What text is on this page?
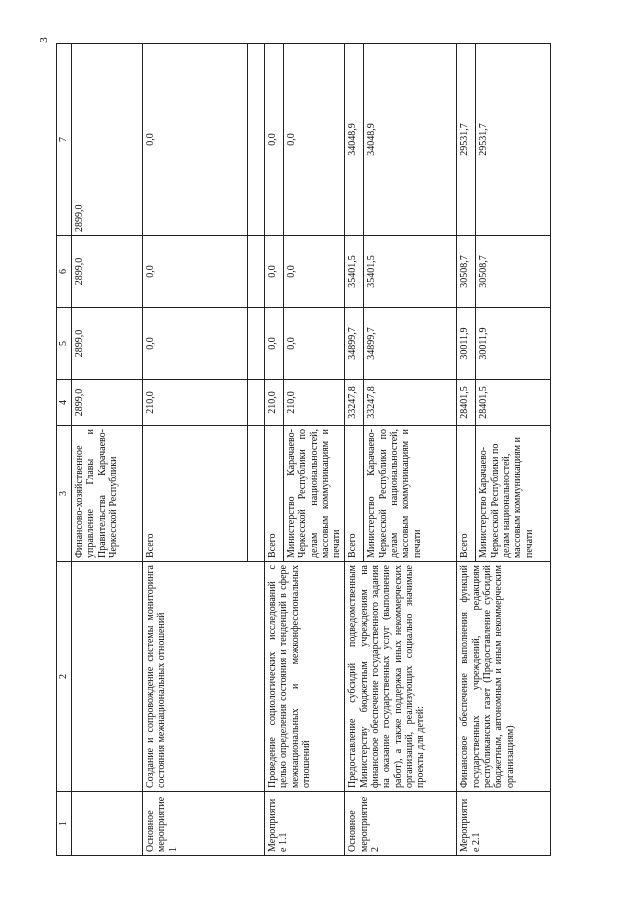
3
1	2	3	4	5	6	7
		Финансово-хозяйственное управление Главы и Правительства Карачаево-Черкесской Республики	2899,0	2899,0	2899,0	2899,0
Основное мероприятие 1	Создание и сопровождение системы мониторинга состояния межнациональных отношений	Всего	210,0	0,0	0,0	0,0

Мероприятие 1.1	Проведение социологических исследований с целью определения состояния и тенденций в сфере межнациональных и межконфессиональных отношений	Всего	210,0	0,0	0,0	0,0
		Министерство Карачаево-Черкесской Республики по делам национальностей, массовым коммуникациям и печати	210,0	0,0	0,0	0,0
Основное мероприятие 2	Предоставление субсидий подведомственным Министерству бюджетным учреждениям на финансовое обеспечение государственного задания на оказание государственных услуг (выполнение работ), а также поддержка иных некоммерческих организаций, реализующих социально значимые проекты для детей:	Всего	33247,8	34899,7	35401,5	34048,9
		Министерство Карачаево-Черкесской Республики по делам национальностей, массовым коммуникациям и печати	33247,8	34899,7	35401,5	34048,9
Мероприятие 2.1	Финансовое обеспечение выполнения функций государственных учреждений, редакциям республиканских газет (Предоставление субсидий бюджетным, автономным и иным некоммерческим организациям)	Всего	28401,5	30011,9	30508,7	29531,7
		Министерство Карачаево-Черкесской Республики по делам национальностей, массовым коммуникациям и печати	28401,5	30011,9	30508,7	29531,7
